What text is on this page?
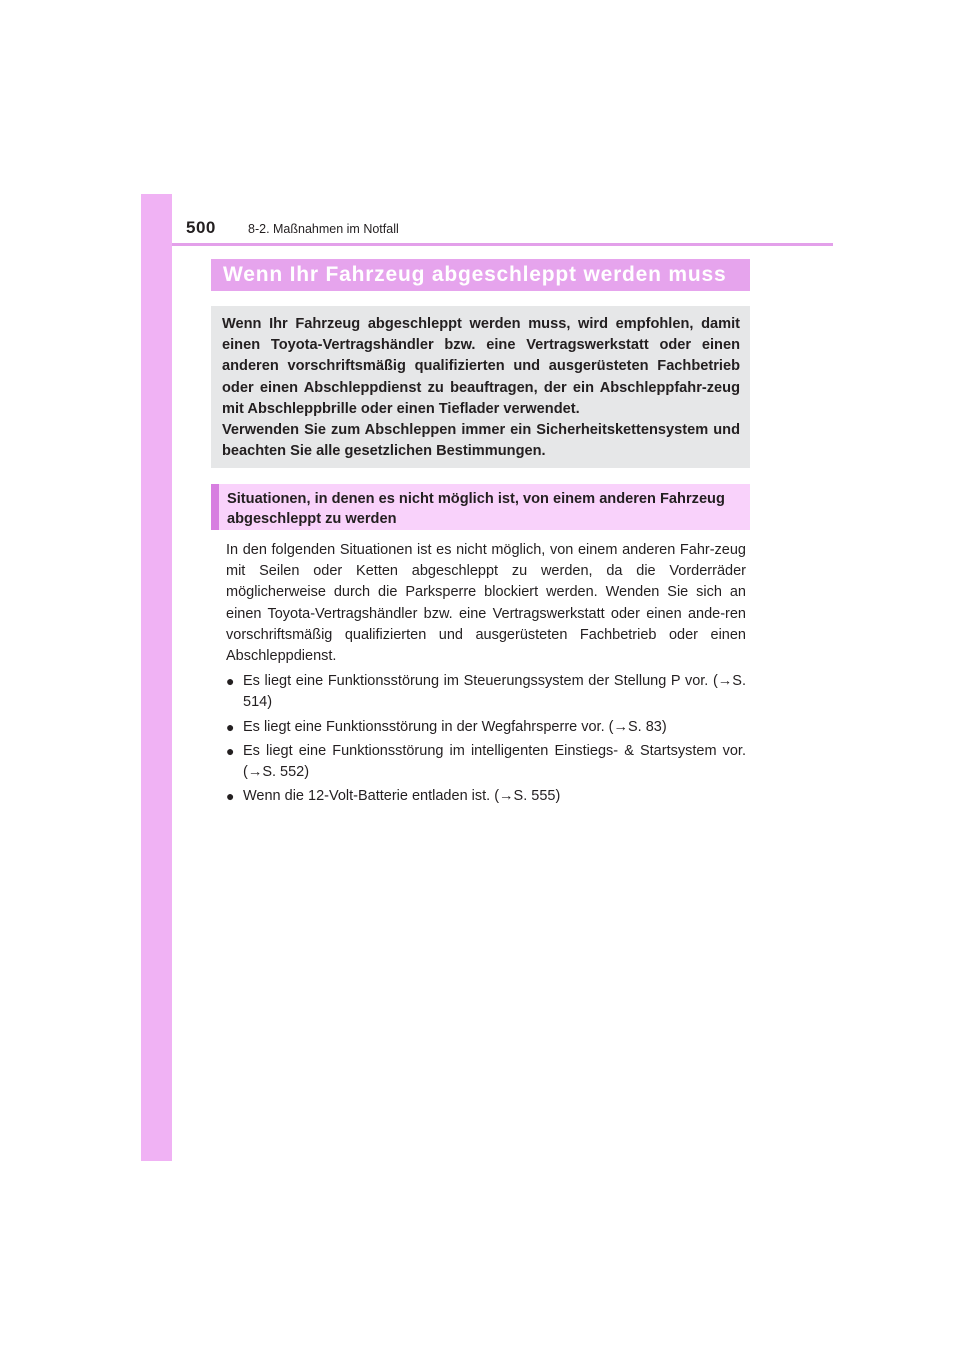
500	8-2. Maßnahmen im Notfall
Wenn Ihr Fahrzeug abgeschleppt werden muss

Wenn Ihr Fahrzeug abgeschleppt werden muss, wird empfohlen, damit einen Toyota-Vertragshändler bzw. eine Vertragswerkstatt oder einen anderen vorschriftsmäßig qualifizierten und ausgerüsteten Fachbetrieb oder einen Abschleppdienst zu beauftragen, der ein Abschleppfahr-zeug mit Abschleppbrille oder einen Tieflader verwendet.

Verwenden Sie zum Abschleppen immer ein Sicherheitskettensystem und beachten Sie alle gesetzlichen Bestimmungen.

Situationen, in denen es nicht möglich ist, von einem anderen Fahrzeug abgeschleppt zu werden

In den folgenden Situationen ist es nicht möglich, von einem anderen Fahr-zeug mit Seilen oder Ketten abgeschleppt zu werden, da die Vorderräder möglicherweise durch die Parksperre blockiert werden. Wenden Sie sich an einen Toyota-Vertragshändler bzw. eine Vertragswerkstatt oder einen ande-ren vorschriftsmäßig qualifizierten und ausgerüsteten Fachbetrieb oder einen Abschleppdienst.

● Es liegt eine Funktionsstörung im Steuerungssystem der Stellung P vor. (→S. 514)
● Es liegt eine Funktionsstörung in der Wegfahrsperre vor. (→S. 83)
● Es liegt eine Funktionsstörung im intelligenten Einstiegs- & Startsystem vor. (→S. 552)
● Wenn die 12-Volt-Batterie entladen ist. (→S. 555)
